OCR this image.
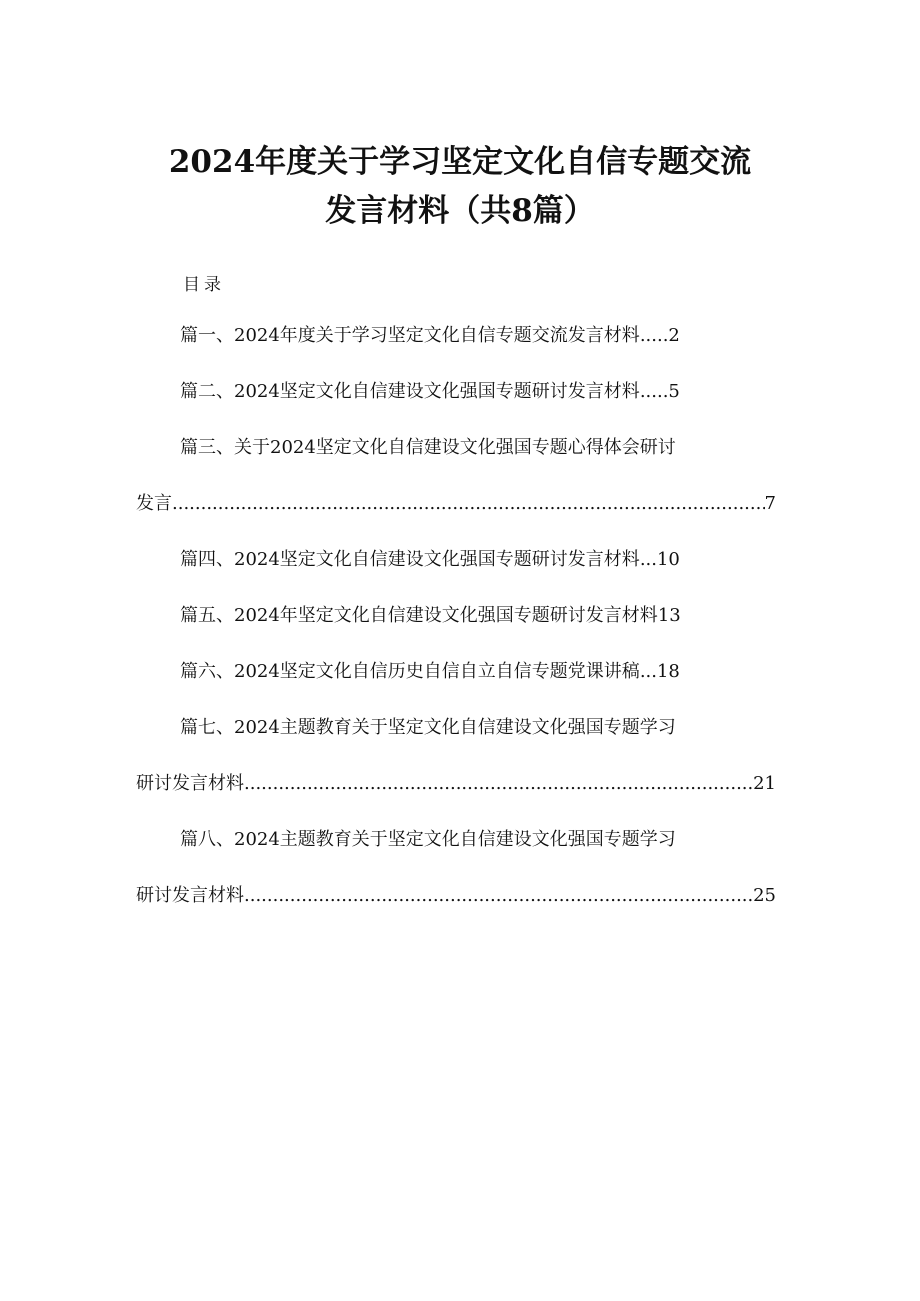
2024年度关于学习坚定文化自信专题交流
发言材料（共8篇）
目录
篇一、2024年度关于学习坚定文化自信专题交流发言材料 ..... 2
篇二、2024坚定文化自信建设文化强国专题研讨发言材料 ..... 5
篇三、关于2024坚定文化自信建设文化强国专题心得体会研讨
发言 .....	7
篇四、2024坚定文化自信建设文化强国专题研讨发言材料 ... 10
篇五、2024年坚定文化自信建设文化强国专题研讨发言材料 13
篇六、2024坚定文化自信历史自信自立自信专题党课讲稿 ... 18
篇七、2024主题教育关于坚定文化自信建设文化强国专题学习
研讨发言材料 .....	21
篇八、2024主题教育关于坚定文化自信建设文化强国专题学习
研讨发言材料 .....	25
